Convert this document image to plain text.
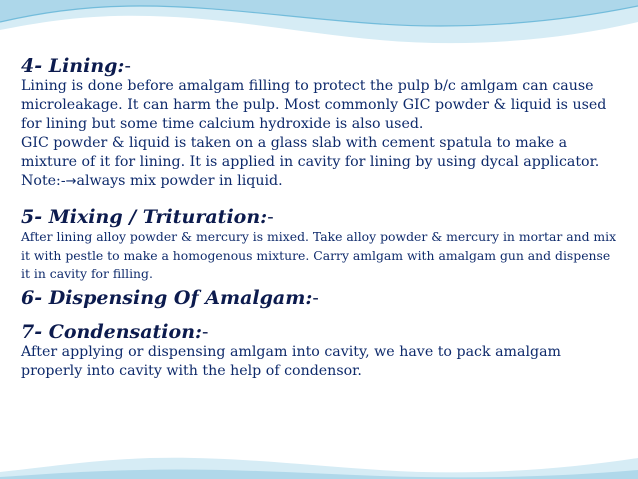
4- Lining:-

Lining is done before amalgam filling to protect the pulp b/c amlgam can cause microleakage. It can harm the pulp. Most commonly GIC powder & liquid is used for lining but some time calcium hydroxide is also used.

GIC powder & liquid is taken on a glass slab with cement spatula to make a mixture of it for lining. It is applied in cavity for lining by using dycal applicator.

Note:-→always mix powder in liquid.

5- Mixing / Trituration:-

After lining alloy powder & mercury is mixed. Take alloy powder & mercury in mortar and mix it with pestle to make a homogenous mixture. Carry amlgam with amalgam gun and dispense it in cavity for filling.

6- Dispensing Of Amalgam:-

7- Condensation:-

After applying or dispensing amlgam into cavity, we have to pack amalgam properly into cavity with the help of condensor.
